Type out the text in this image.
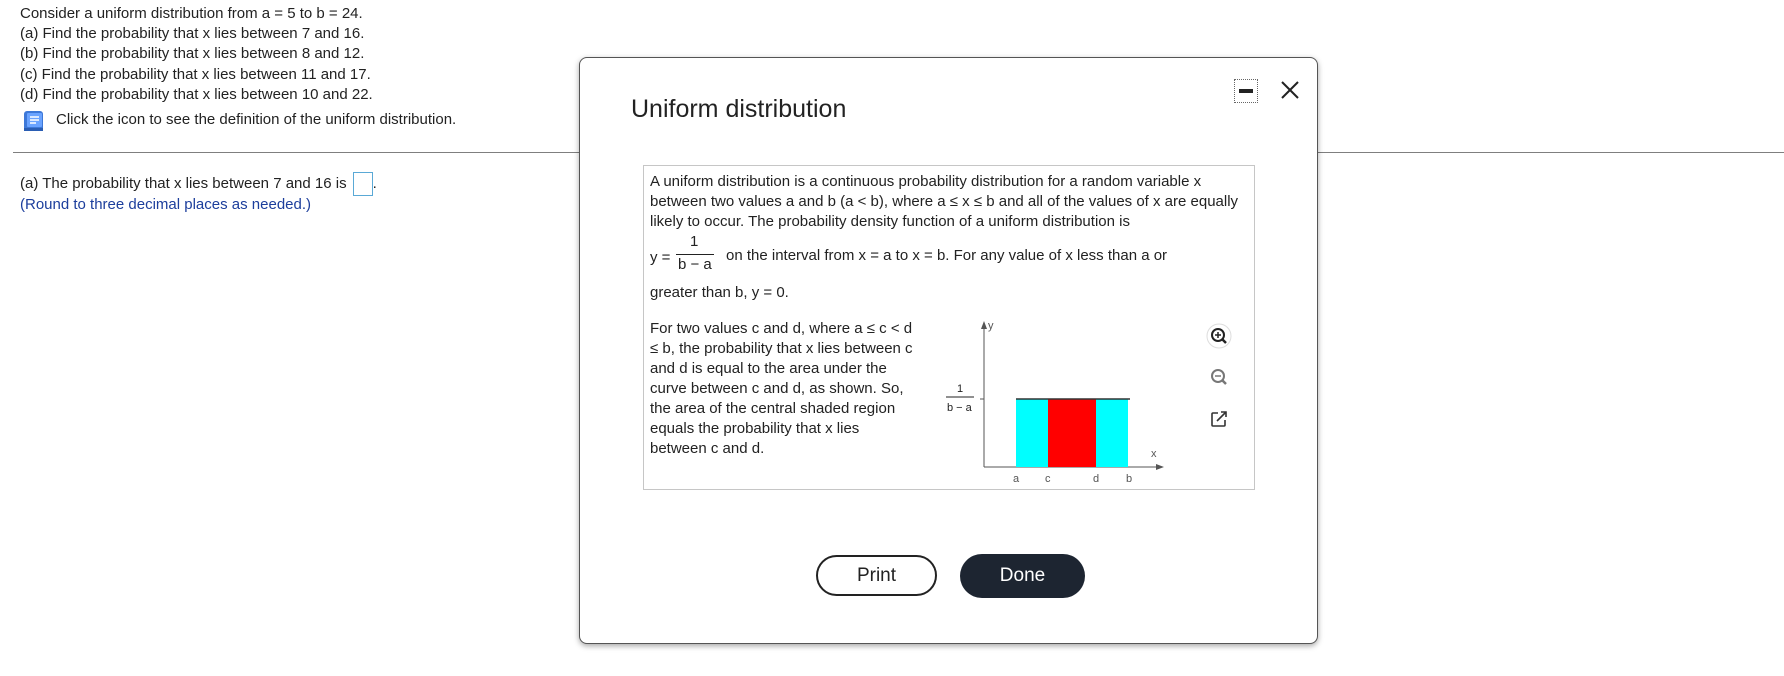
Consider a uniform distribution from a = 5 to b = 24.
(a) Find the probability that x lies between 7 and 16.
(b) Find the probability that x lies between 8 and 12.
(c) Find the probability that x lies between 11 and 17.
(d) Find the probability that x lies between 10 and 22.
Click the icon to see the definition of the uniform distribution.
(a) The probability that x lies between 7 and 16 is .
(Round to three decimal places as needed.)
Uniform distribution
A uniform distribution is a continuous probability distribution for a random variable x between two values a and b (a < b), where a ≤ x ≤ b and all of the values of x are equally likely to occur. The probability density function of a uniform distribution is
y =
1
b − a
on the interval from x = a to x = b. For any value of x less than a or
greater than b, y = 0.
For two values c and d, where a ≤ c < d ≤ b, the probability that x lies between c and d is equal to the area under the curve between c and d, as shown. So, the area of the central shaded region equals the probability that x lies between c and d.
y
x
1
b − a
a c	d b
Print	Done
